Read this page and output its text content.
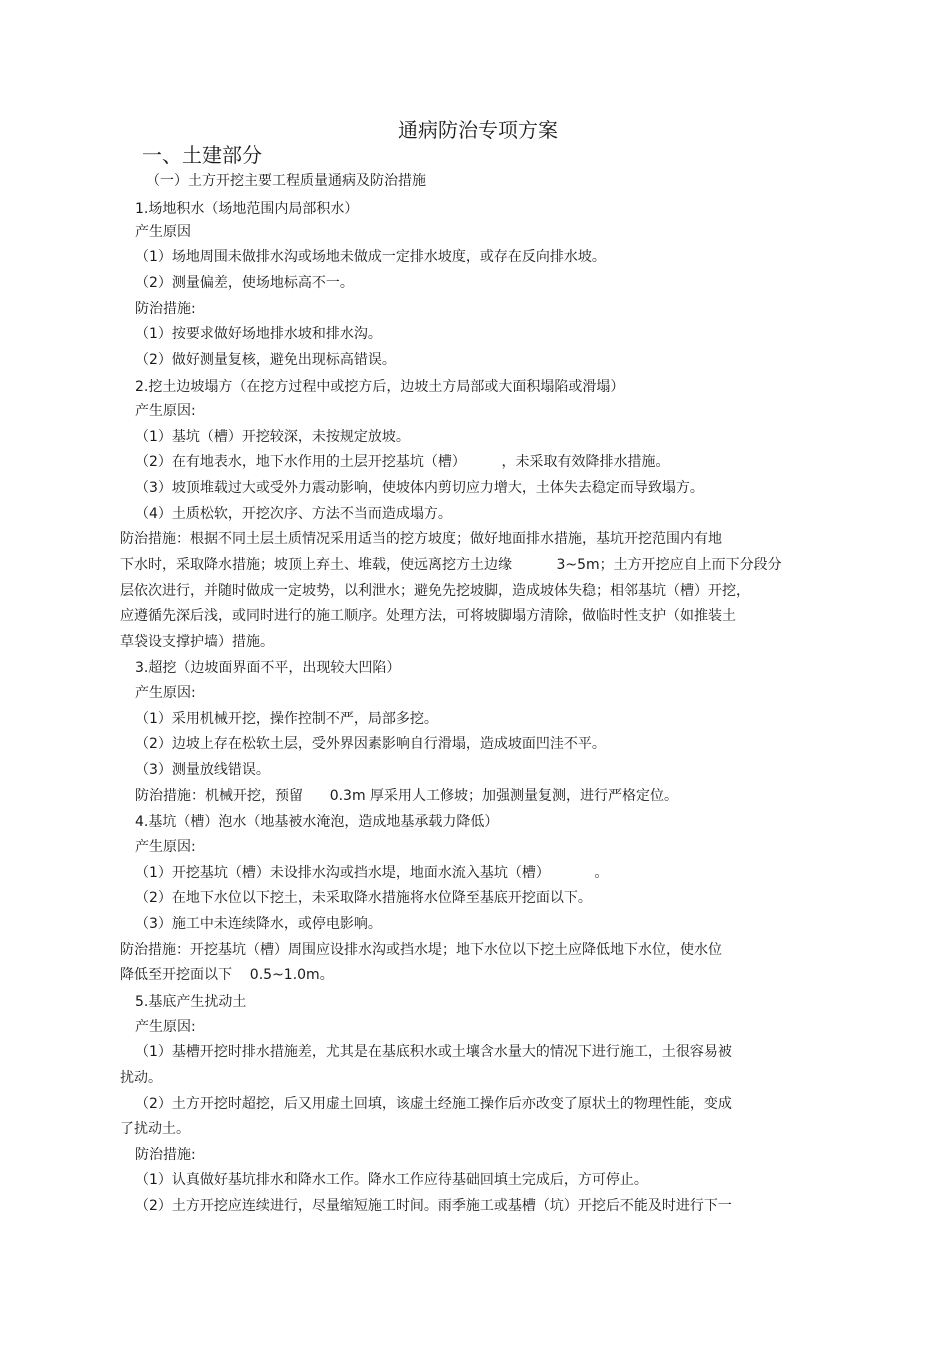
通病防治专项方案
一、土建部分
（一）土方开挖主要工程质量通病及防治措施
1.场地积水（场地范围内局部积水）
产生原因
（1）场地周围未做排水沟或场地未做成一定排水坡度，或存在反向排水坡。
（2）测量偏差，使场地标高不一。
防治措施:
（1）按要求做好场地排水坡和排水沟。
（2）做好测量复核，避免出现标高错误。
2.挖土边坡塌方（在挖方过程中或挖方后，边坡土方局部或大面积塌陷或滑塌）
产生原因:
（1）基坑（槽）开挖较深，未按规定放坡。
（2）在有地表水，地下水作用的土层开挖基坑（槽）        ，未采取有效降排水措施。
（3）坡顶堆载过大或受外力震动影响，使坡体内剪切应力增大，土体失去稳定而导致塌方。
（4）土质松软，开挖次序、方法不当而造成塌方。
防治措施：根据不同土层土质情况采用适当的挖方坡度；做好地面排水措施，基坑开挖范围内有地
下水时，采取降水措施；坡顶上弃土、堆载，使远离挖方土边缘          3~5m；土方开挖应自上而下分段分
层依次进行，并随时做成一定坡势，以利泄水；避免先挖坡脚，造成坡体失稳；相邻基坑（槽）开挖，
应遵循先深后浅，或同时进行的施工顺序。处理方法，可将坡脚塌方清除，做临时性支护（如推装土
草袋设支撑护墙）措施。
3.超挖（边坡面界面不平，出现较大凹陷）
产生原因:
（1）采用机械开挖，操作控制不严，局部多挖。
（2）边坡上存在松软土层，受外界因素影响自行滑塌，造成坡面凹洼不平。
（3）测量放线错误。
防治措施：机械开挖，预留      0.3m 厚采用人工修坡；加强测量复测，进行严格定位。
4.基坑（槽）泡水（地基被水淹泡，造成地基承载力降低）
产生原因:
（1）开挖基坑（槽）未设排水沟或挡水堤，地面水流入基坑（槽）          。
（2）在地下水位以下挖土，未采取降水措施将水位降至基底开挖面以下。
（3）施工中未连续降水，或停电影响。
防治措施：开挖基坑（槽）周围应设排水沟或挡水堤；地下水位以下挖土应降低地下水位，使水位
降低至开挖面以下    0.5~1.0m。
5.基底产生扰动土
产生原因:
（1）基槽开挖时排水措施差，尤其是在基底积水或土壤含水量大的情况下进行施工，土很容易被
扰动。
（2）土方开挖时超挖，后又用虚土回填，该虚土经施工操作后亦改变了原状土的物理性能，变成
了扰动土。
防治措施:
（1）认真做好基坑排水和降水工作。降水工作应待基础回填土完成后，方可停止。
（2）土方开挖应连续进行，尽量缩短施工时间。雨季施工或基槽（坑）开挖后不能及时进行下一
